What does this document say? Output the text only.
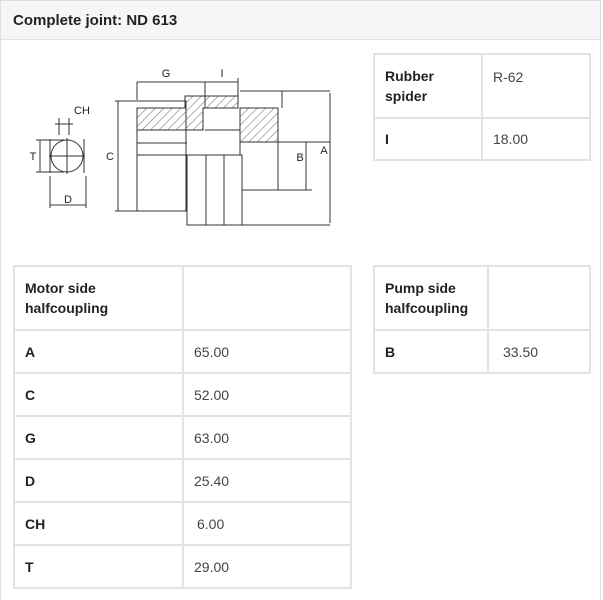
Complete joint: ND 613
G	I
CH
T	C
D
B
A
Rubber spider	R-62
I	18.00
Motor side halfcoupling	
A	65.00
C	52.00
G	63.00
D	25.40
CH	6.00
T	29.00
Pump side halfcoupling	
B	33.50
